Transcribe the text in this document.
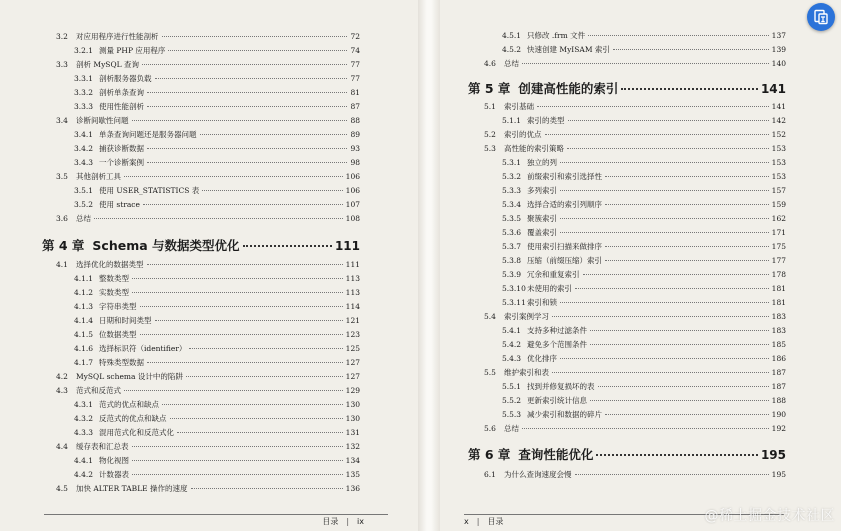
3.2	对应用程序进行性能剖析	72
3.2.1 测量 PHP 应用程序	74
3.3	剖析 MySQL 查询	77
3.3.1 剖析服务器负载	77
3.3.2 剖析单条查询	81
3.3.3 使用性能剖析	87
3.4	诊断间歇性问题	88
3.4.1 单条查询问题还是服务器问题	89
3.4.2 捕获诊断数据	93
3.4.3 一个诊断案例	98
3.5	其他剖析工具	106
3.5.1 使用 USER_STATISTICS 表	106
3.5.2 使用 strace	107
3.6	总结	108
第 4 章 Schema 与数据类型优化	111
4.1	选择优化的数据类型	111
4.1.1 整数类型	113
4.1.2 实数类型	113
4.1.3 字符串类型	114
4.1.4 日期和时间类型	121
4.1.5 位数据类型	123
4.1.6 选择标识符（identifier）	125
4.1.7 特殊类型数据	127
4.2	MySQL schema 设计中的陷阱	127
4.3	范式和反范式	129
4.3.1 范式的优点和缺点	130
4.3.2 反范式的优点和缺点	130
4.3.3 混用范式化和反范式化	131
4.4	缓存表和汇总表	132
4.4.1 物化视图	134
4.4.2 计数器表	135
4.5	加快 ALTER TABLE 操作的速度	136
目录 | ix
4.5.1 只修改 .frm 文件	137
4.5.2 快速创建 MyISAM 索引	139
4.6	总结	140
第 5 章 创建高性能的索引	141
5.1	索引基础	141
5.1.1 索引的类型	142
5.2	索引的优点	152
5.3	高性能的索引策略	153
5.3.1 独立的列	153
5.3.2 前缀索引和索引选择性	153
5.3.3 多列索引	157
5.3.4 选择合适的索引列顺序	159
5.3.5 聚簇索引	162
5.3.6 覆盖索引	171
5.3.7 使用索引扫描来做排序	175
5.3.8 压缩（前缀压缩）索引	177
5.3.9 冗余和重复索引	178
5.3.10 未使用的索引	181
5.3.11 索引和锁	181
5.4	索引案例学习	183
5.4.1 支持多种过滤条件	183
5.4.2 避免多个范围条件	185
5.4.3 优化排序	186
5.5	维护索引和表	187
5.5.1 找到并修复损坏的表	187
5.5.2 更新索引统计信息	188
5.5.3 减少索引和数据的碎片	190
5.6	总结	192
第 6 章 查询性能优化	195
6.1	为什么查询速度会慢	195
x | 目录	@稀土掘金技术社区
